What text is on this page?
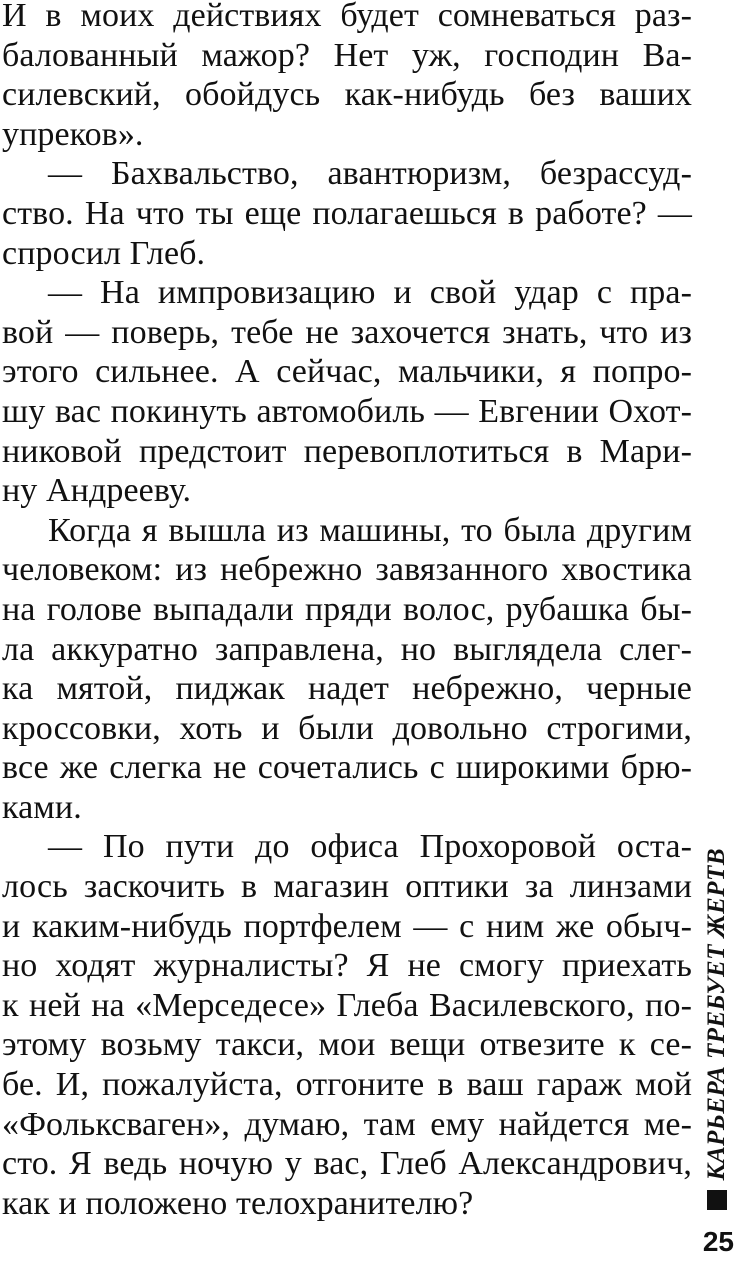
И в моих действиях будет сомневаться раз-
балованный мажор? Нет уж, господин Ва-
силевский, обойдусь как-нибудь без ваших
упреков».
— Бахвальство, авантюризм, безрассуд-
ство. На что ты еще полагаешься в работе? —
спросил Глеб.
— На импровизацию и свой удар с пра-
вой — поверь, тебе не захочется знать, что из
этого сильнее. А сейчас, мальчики, я попро-
шу вас покинуть автомобиль — Евгении Охот-
никовой предстоит перевоплотиться в Мари-
ну Андрееву.
Когда я вышла из машины, то была другим
человеком: из небрежно завязанного хвостика
на голове выпадали пряди волос, рубашка бы-
ла аккуратно заправлена, но выглядела слег-
ка мятой, пиджак надет небрежно, черные
кроссовки, хоть и были довольно строгими,
все же слегка не сочетались с широкими брю-
ками.
— По пути до офиса Прохоровой оста-
лось заскочить в магазин оптики за линзами
и каким-нибудь портфелем — с ним же обыч-
но ходят журналисты? Я не смогу приехать
к ней на «Мерседесе» Глеба Василевского, по-
этому возьму такси, мои вещи отвезите к се-
бе. И, пожалуйста, отгоните в ваш гараж мой
«Фольксваген», думаю, там ему найдется ме-
сто. Я ведь ночую у вас, Глеб Александрович,
как и положено телохранителю?
КАРЬЕРА ТРЕБУЕТ ЖЕРТВ
25
